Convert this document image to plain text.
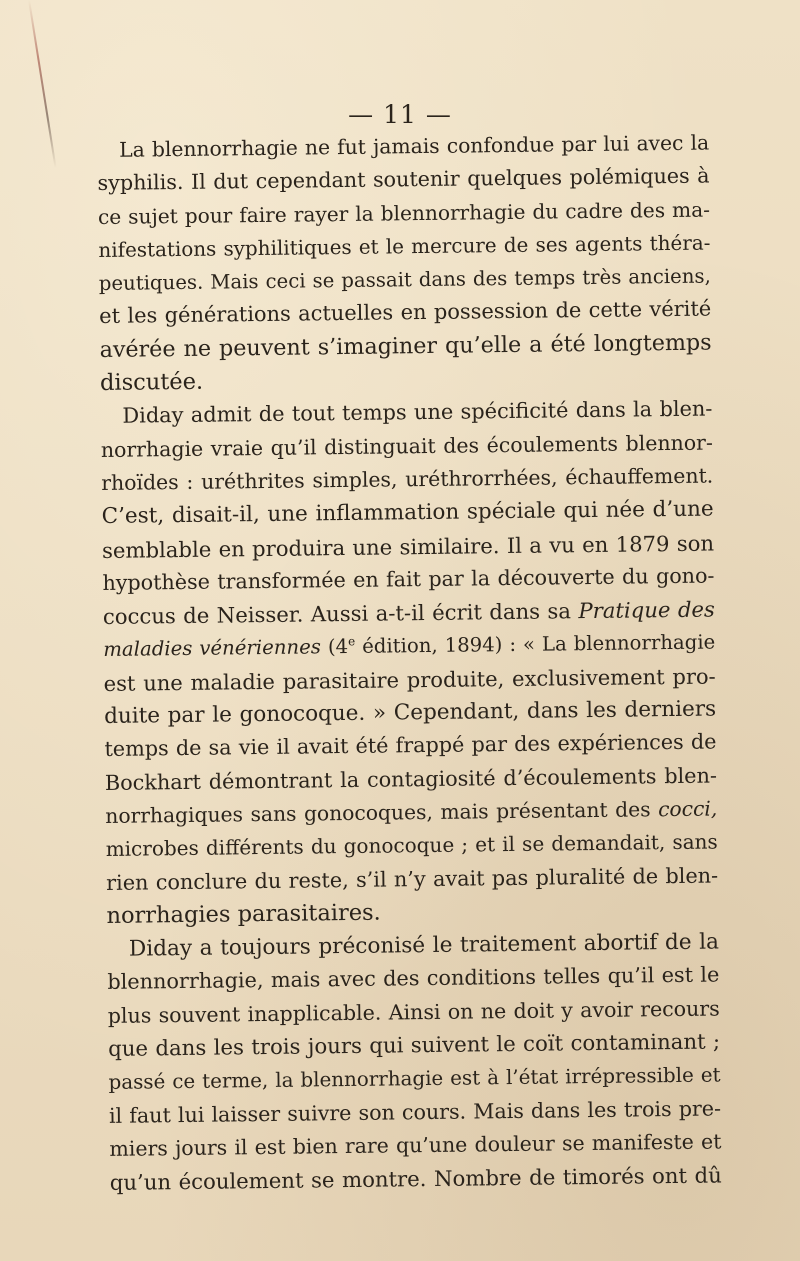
— 11 —
La blennorrhagie ne fut jamais confondue par lui avec la
syphilis. Il dut cependant soutenir quelques polémiques à
ce sujet pour faire rayer la blennorrhagie du cadre des ma-
nifestations syphilitiques et le mercure de ses agents théra-
peutiques. Mais ceci se passait dans des temps très anciens,
et les générations actuelles en possession de cette vérité
avérée ne peuvent s’imaginer qu’elle a été longtemps
discutée.
Diday admit de tout temps une spécificité dans la blen-
norrhagie vraie qu’il distinguait des écoulements blennor-
rhoïdes : uréthrites simples, uréthrorrhées, échauffement.
C’est, disait-il, une inflammation spéciale qui née d’une
semblable en produira une similaire. Il a vu en 1879 son
hypothèse transformée en fait par la découverte du gono-
coccus de Neisser. Aussi a-t-il écrit dans sa Pratique des
maladies vénériennes (4e édition, 1894) : « La blennorrhagie
est une maladie parasitaire produite, exclusivement pro-
duite par le gonocoque. » Cependant, dans les derniers
temps de sa vie il avait été frappé par des expériences de
Bockhart démontrant la contagiosité d’écoulements blen-
norrhagiques sans gonocoques, mais présentant des cocci,
microbes différents du gonocoque ; et il se demandait, sans
rien conclure du reste, s’il n’y avait pas pluralité de blen-
norrhagies parasitaires.
Diday a toujours préconisé le traitement abortif de la
blennorrhagie, mais avec des conditions telles qu’il est le
plus souvent inapplicable. Ainsi on ne doit y avoir recours
que dans les trois jours qui suivent le coït contaminant ;
passé ce terme, la blennorrhagie est à l’état irrépressible et
il faut lui laisser suivre son cours. Mais dans les trois pre-
miers jours il est bien rare qu’une douleur se manifeste et
qu’un écoulement se montre. Nombre de timorés ont dû
